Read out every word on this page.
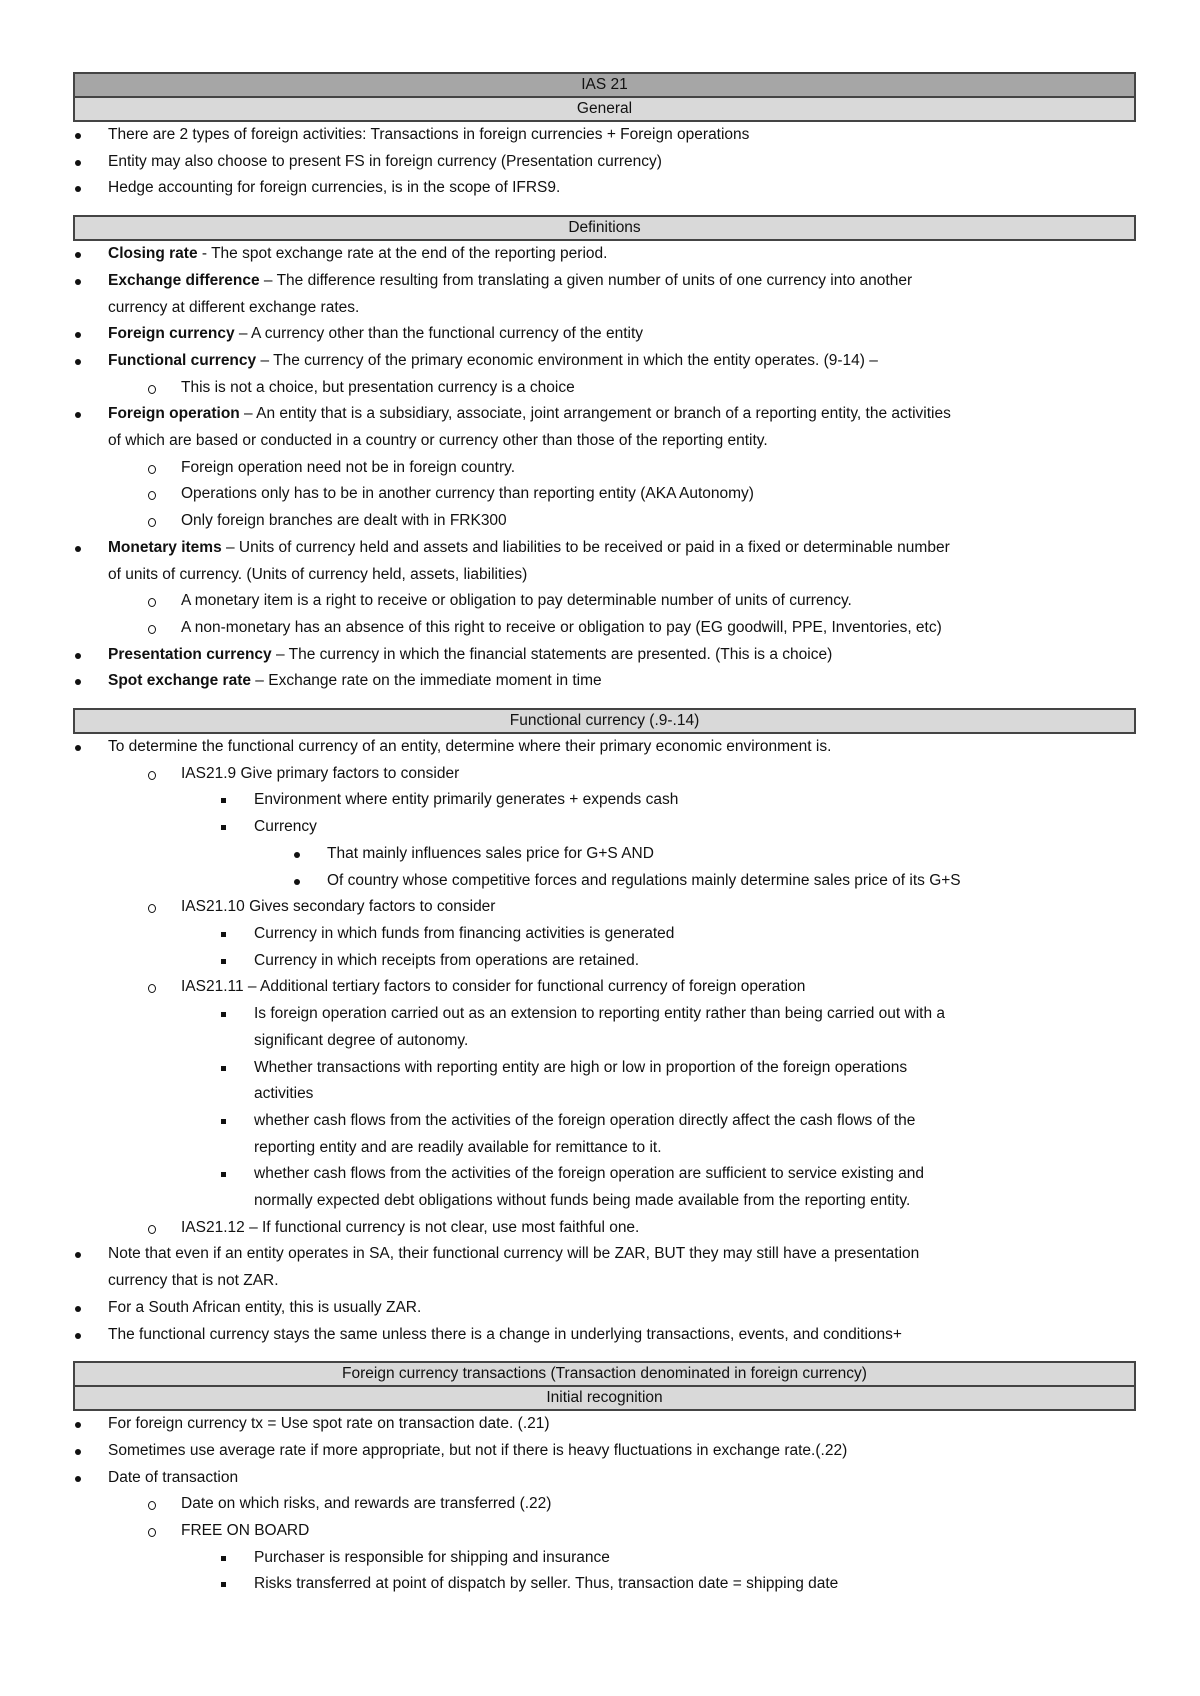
IAS 21
General
There are 2 types of foreign activities: Transactions in foreign currencies + Foreign operations
Entity may also choose to present FS in foreign currency (Presentation currency)
Hedge accounting for foreign currencies, is in the scope of IFRS9.
Definitions
Closing rate - The spot exchange rate at the end of the reporting period.
Exchange difference – The difference resulting from translating a given number of units of one currency into another
currency at different exchange rates.
Foreign currency – A currency other than the functional currency of the entity
Functional currency – The currency of the primary economic environment in which the entity operates. (9-14) –
This is not a choice, but presentation currency is a choice
Foreign operation – An entity that is a subsidiary, associate, joint arrangement or branch of a reporting entity, the activities
of which are based or conducted in a country or currency other than those of the reporting entity.
Foreign operation need not be in foreign country.
Operations only has to be in another currency than reporting entity (AKA Autonomy)
Only foreign branches are dealt with in FRK300
Monetary items – Units of currency held and assets and liabilities to be received or paid in a fixed or determinable number
of units of currency. (Units of currency held, assets, liabilities)
A monetary item is a right to receive or obligation to pay determinable number of units of currency.
A non-monetary has an absence of this right to receive or obligation to pay (EG goodwill, PPE, Inventories, etc)
Presentation currency – The currency in which the financial statements are presented. (This is a choice)
Spot exchange rate – Exchange rate on the immediate moment in time
Functional currency (.9-.14)
To determine the functional currency of an entity, determine where their primary economic environment is.
IAS21.9 Give primary factors to consider
Environment where entity primarily generates + expends cash
Currency
That mainly influences sales price for G+S AND
Of country whose competitive forces and regulations mainly determine sales price of its G+S
IAS21.10 Gives secondary factors to consider
Currency in which funds from financing activities is generated
Currency in which receipts from operations are retained.
IAS21.11 – Additional tertiary factors to consider for functional currency of foreign operation
Is foreign operation carried out as an extension to reporting entity rather than being carried out with a
significant degree of autonomy.
Whether transactions with reporting entity are high or low in proportion of the foreign operations
activities
whether cash flows from the activities of the foreign operation directly affect the cash flows of the
reporting entity and are readily available for remittance to it.
whether cash flows from the activities of the foreign operation are sufficient to service existing and
normally expected debt obligations without funds being made available from the reporting entity.
IAS21.12 – If functional currency is not clear, use most faithful one.
Note that even if an entity operates in SA, their functional currency will be ZAR, BUT they may still have a presentation
currency that is not ZAR.
For a South African entity, this is usually ZAR.
The functional currency stays the same unless there is a change in underlying transactions, events, and conditions+
Foreign currency transactions (Transaction denominated in foreign currency)
Initial recognition
For foreign currency tx = Use spot rate on transaction date. (.21)
Sometimes use average rate if more appropriate, but not if there is heavy fluctuations in exchange rate.(.22)
Date of transaction
Date on which risks, and rewards are transferred (.22)
FREE ON BOARD
Purchaser is responsible for shipping and insurance
Risks transferred at point of dispatch by seller. Thus, transaction date = shipping date
